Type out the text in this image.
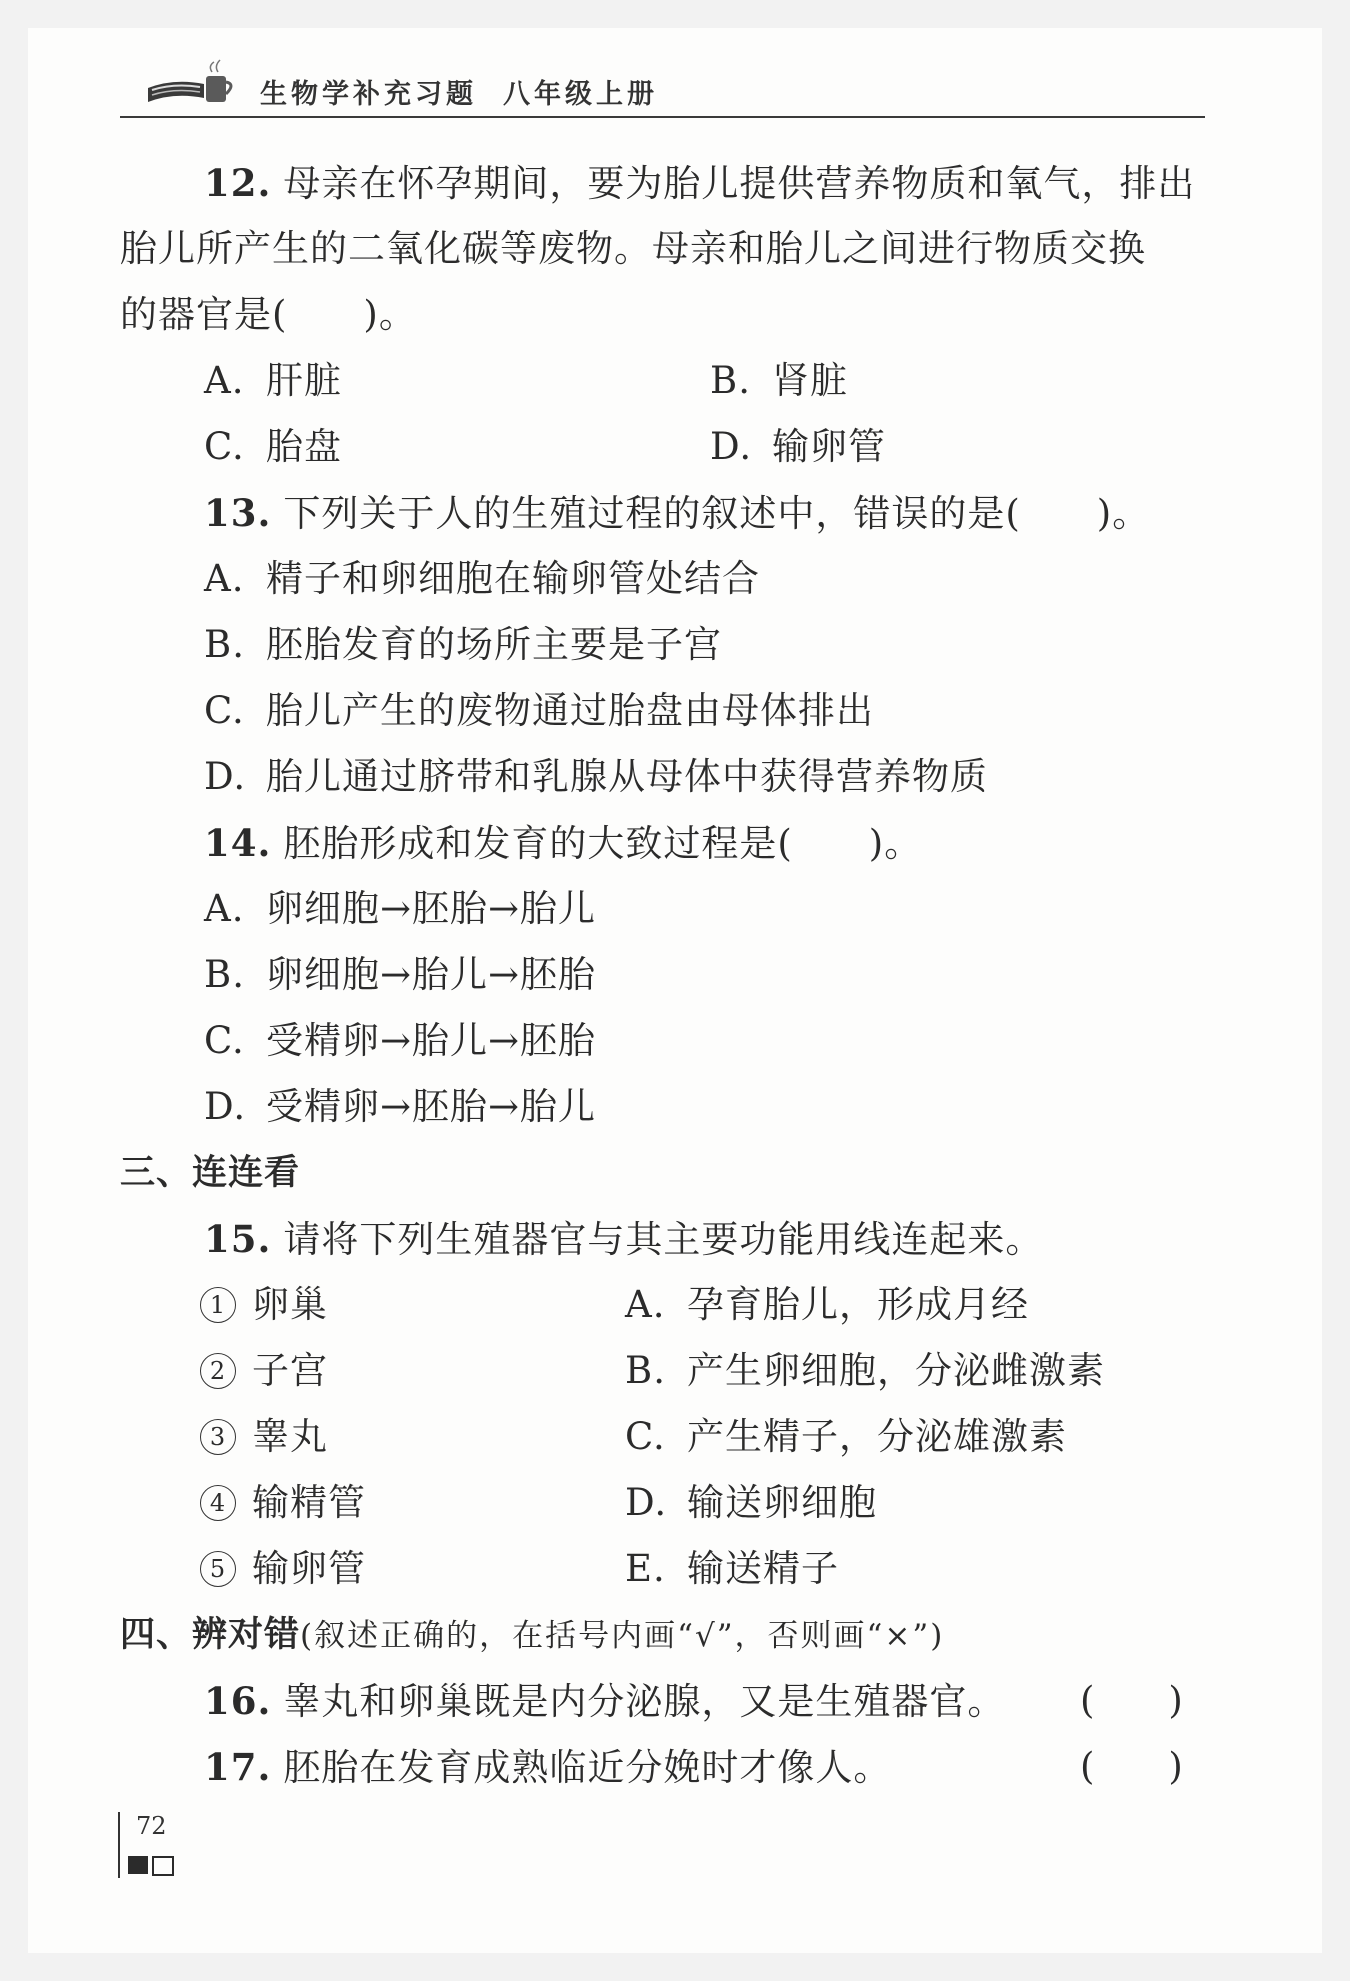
生物学补充习题 八年级上册
12. 母亲在怀孕期间，要为胎儿提供营养物质和氧气，排出
胎儿所产生的二氧化碳等废物。母亲和胎儿之间进行物质交换
的器官是(　　)。
A. 肝脏	B. 肾脏
C. 胎盘	D. 输卵管
13. 下列关于人的生殖过程的叙述中，错误的是(　　)。
A. 精子和卵细胞在输卵管处结合
B. 胚胎发育的场所主要是子宫
C. 胎儿产生的废物通过胎盘由母体排出
D. 胎儿通过脐带和乳腺从母体中获得营养物质
14. 胚胎形成和发育的大致过程是(　　)。
A. 卵细胞→胚胎→胎儿
B. 卵细胞→胎儿→胚胎
C. 受精卵→胎儿→胚胎
D. 受精卵→胚胎→胎儿
三、连连看
15. 请将下列生殖器官与其主要功能用线连起来。
1 卵巢	A. 孕育胎儿，形成月经
2 子宫	B. 产生卵细胞，分泌雌激素
3 睾丸	C. 产生精子，分泌雄激素
4 输精管	D. 输送卵细胞
5 输卵管	E. 输送精子
四、辨对错(叙述正确的，在括号内画“√”，否则画“×”)
16. 睾丸和卵巢既是内分泌腺，又是生殖器官。 (　　)
17. 胚胎在发育成熟临近分娩时才像人。	(　　)
72
